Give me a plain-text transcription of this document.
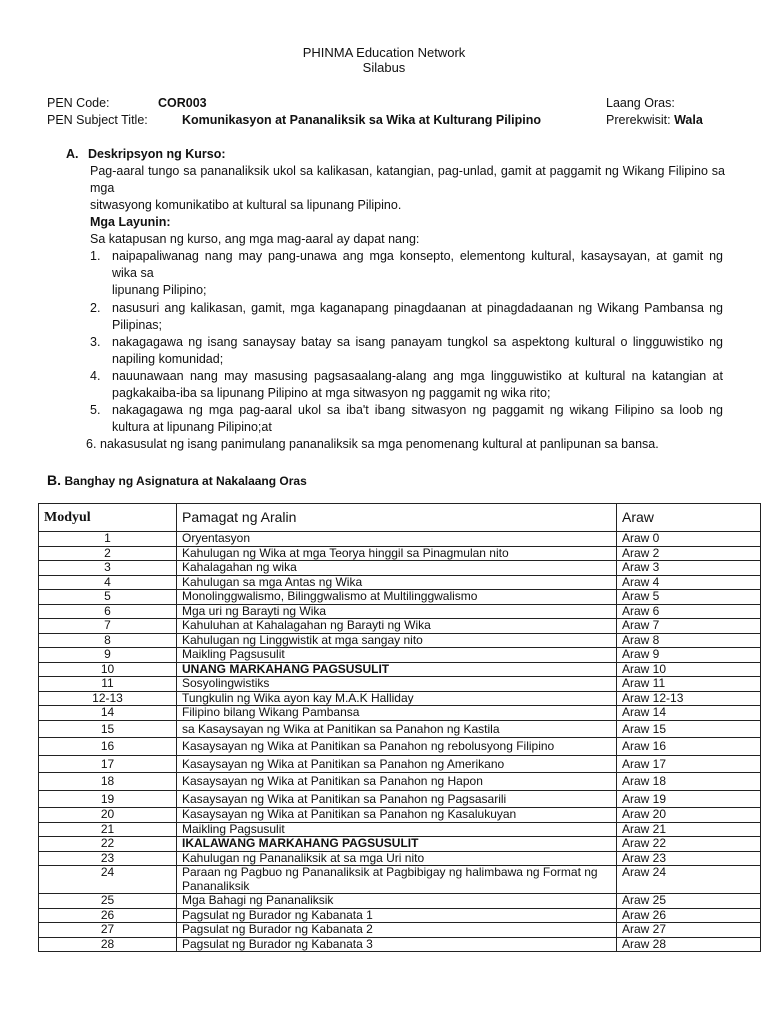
PHINMA Education Network
Silabus
PEN Code:	COR003
PEN Subject Title:	Komunikasyon at Pananaliksik sa Wika at Kulturang Pilipino
Laang Oras:
Prerekwisit: Wala
A. Deskripsyon ng Kurso:
Pag-aaral tungo sa pananaliksik ukol sa kalikasan, katangian, pag-unlad, gamit at paggamit ng Wikang Filipino sa
mga
sitwasyong komunikatibo at kultural sa lipunang Pilipino.
Mga Layunin:
Sa katapusan ng kurso, ang mga mag-aaral ay dapat nang:
1. naipapaliwanag nang may pang-unawa ang mga konsepto, elementong kultural, kasaysayan, at gamit ng
wika sa
lipunang Pilipino;
2. nasusuri ang kalikasan, gamit, mga kaganapang pinagdaanan at pinagdadaanan ng Wikang Pambansa ng
Pilipinas;
3. nakagagawa ng isang sanaysay batay sa isang panayam tungkol sa aspektong kultural o lingguwistiko ng
napiling komunidad;
4. nauunawaan nang may masusing pagsasaalang-alang ang mga lingguwistiko at kultural na katangian at
pagkakaiba-iba sa lipunang Pilipino at mga sitwasyon ng paggamit ng wika rito;
5. nakagagawa ng mga pag-aaral ukol sa iba't ibang sitwasyon ng paggamit ng wikang Filipino sa loob ng
kultura at lipunang Pilipino;at
6. nakasusulat ng isang panimulang pananaliksik sa mga penomenang kultural at panlipunan sa bansa.
B. Banghay ng Asignatura at Nakalaang Oras
Modyul	Pamagat ng Aralin	Araw
1	Oryentasyon	Araw 0
2	Kahulugan ng Wika at mga Teorya hinggil sa Pinagmulan nito	Araw 2
3	Kahalagahan ng wika	Araw 3
4	Kahulugan sa mga Antas ng Wika	Araw 4
5	Monolinggwalismo, Bilinggwalismo at Multilinggwalismo	Araw 5
6	Mga uri ng Barayti ng Wika	Araw 6
7	Kahuluhan at Kahalagahan ng Barayti ng Wika	Araw 7
8	Kahulugan ng Linggwistik at mga sangay nito	Araw 8
9	Maikling Pagsusulit	Araw 9
10	UNANG MARKAHANG PAGSUSULIT	Araw 10
11	Sosyolingwistiks	Araw 11
12-13	Tungkulin ng Wika ayon kay M.A.K Halliday	Araw 12-13
14	Filipino bilang Wikang Pambansa	Araw 14
15	sa Kasaysayan ng Wika at Panitikan sa Panahon ng Kastila	Araw 15
16	Kasaysayan ng Wika at Panitikan sa Panahon ng rebolusyong Filipino	Araw 16
17	Kasaysayan ng Wika at Panitikan sa Panahon ng Amerikano	Araw 17
18	Kasaysayan ng Wika at Panitikan sa Panahon ng Hapon	Araw 18
19	Kasaysayan ng Wika at Panitikan sa Panahon ng Pagsasarili	Araw 19
20	Kasaysayan ng Wika at Panitikan sa Panahon ng Kasalukuyan	Araw 20
21	Maikling Pagsusulit	Araw 21
22	IKALAWANG MARKAHANG PAGSUSULIT	Araw 22
23	Kahulugan ng Pananaliksik at sa mga Uri nito	Araw 23
24	Paraan ng Pagbuo ng Pananaliksik at Pagbibigay ng halimbawa ng Format ng Pananaliksik	Araw 24
25	Mga Bahagi ng Pananaliksik	Araw 25
26	Pagsulat ng Burador ng Kabanata 1	Araw 26
27	Pagsulat ng Burador ng Kabanata 2	Araw 27
28	Pagsulat ng Burador ng Kabanata 3	Araw 28
